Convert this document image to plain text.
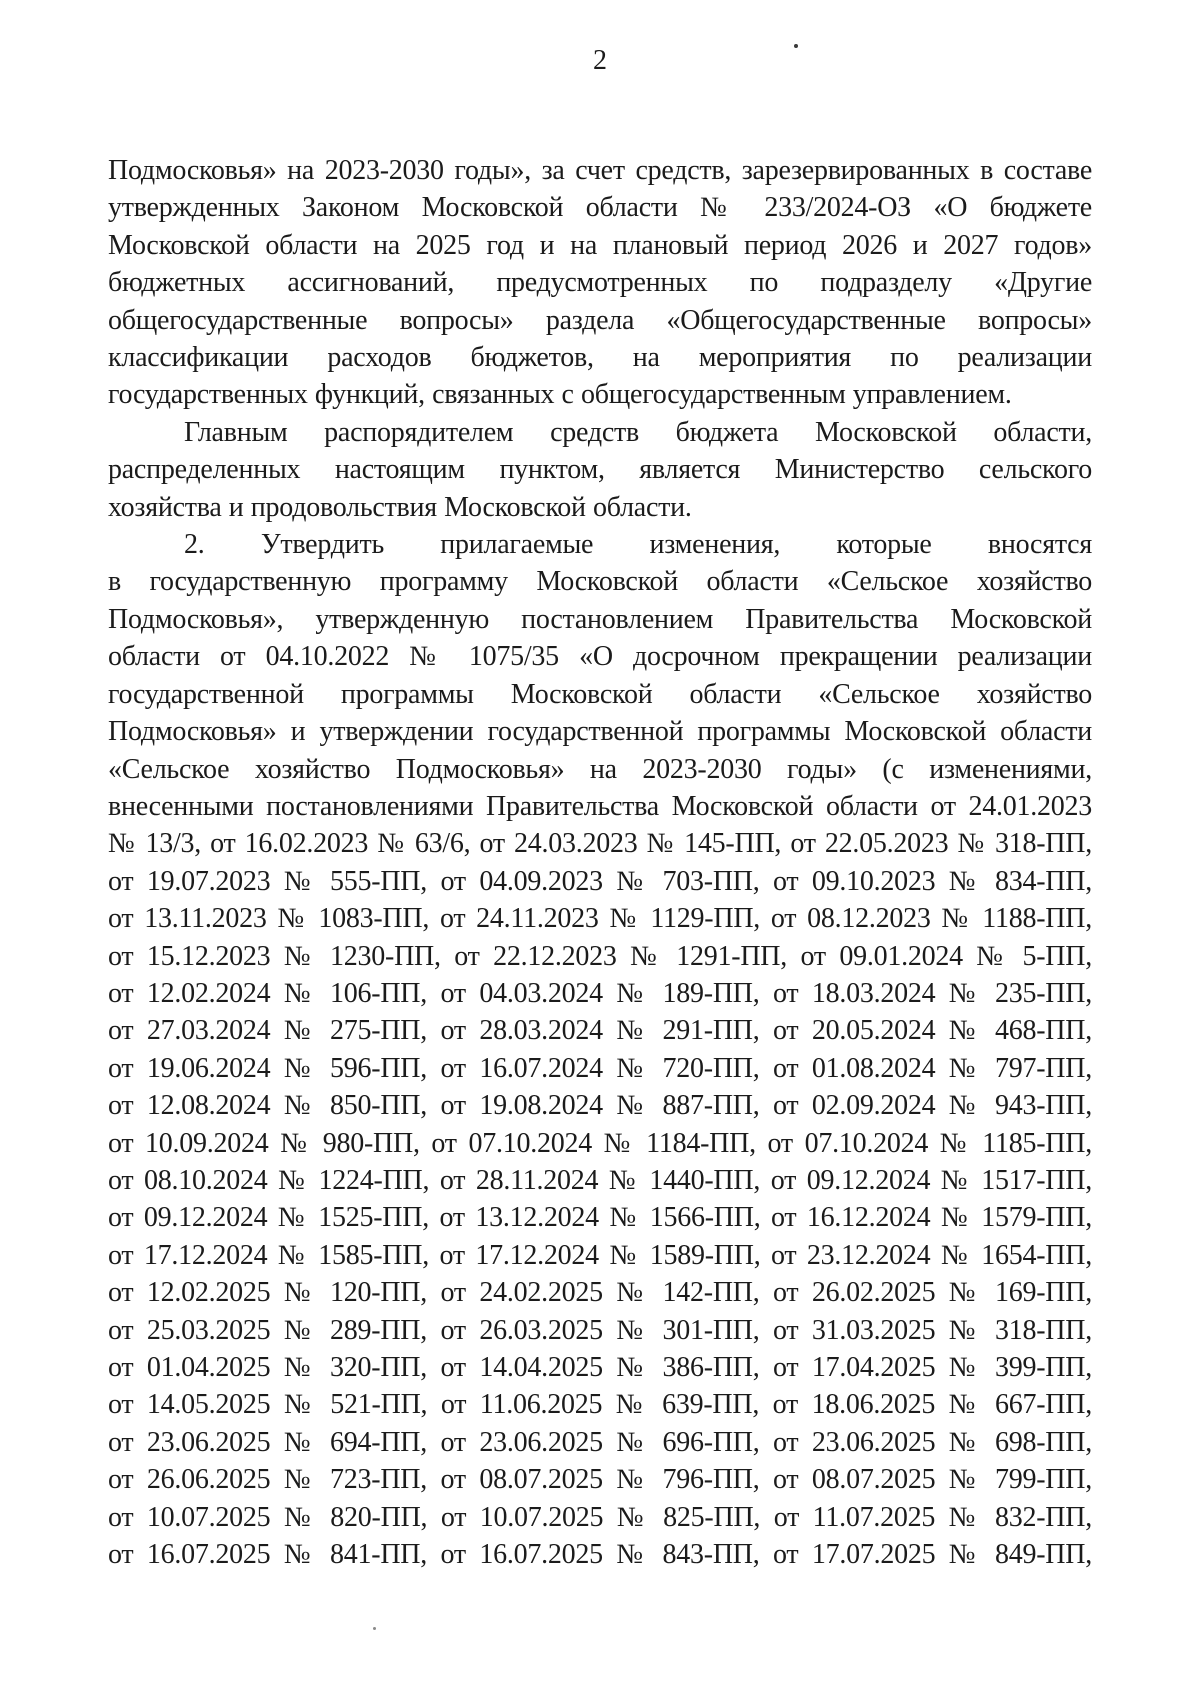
2
Подмосковья» на 2023-2030 годы», за счет средств, зарезервированных в составе
утвержденных Законом Московской области № 233/2024-ОЗ «О бюджете
Московской области на 2025 год и на плановый период 2026 и 2027 годов»
бюджетных ассигнований, предусмотренных по подразделу «Другие
общегосударственные вопросы» раздела «Общегосударственные вопросы»
классификации расходов бюджетов, на мероприятия по реализации
государственных функций, связанных с общегосударственным управлением.
Главным распорядителем средств бюджета Московской области,
распределенных настоящим пунктом, является Министерство сельского
хозяйства и продовольствия Московской области.
2. Утвердить прилагаемые изменения, которые вносятся
в государственную программу Московской области «Сельское хозяйство
Подмосковья», утвержденную постановлением Правительства Московской
области от 04.10.2022 № 1075/35 «О досрочном прекращении реализации
государственной программы Московской области «Сельское хозяйство
Подмосковья» и утверждении государственной программы Московской области
«Сельское хозяйство Подмосковья» на 2023-2030 годы» (с изменениями,
внесенными постановлениями Правительства Московской области от 24.01.2023
№ 13/3, от 16.02.2023 № 63/6, от 24.03.2023 № 145-ПП, от 22.05.2023 № 318-ПП,
от 19.07.2023 № 555-ПП, от 04.09.2023 № 703-ПП, от 09.10.2023 № 834-ПП,
от 13.11.2023 № 1083-ПП, от 24.11.2023 № 1129-ПП, от 08.12.2023 № 1188-ПП,
от 15.12.2023 № 1230-ПП, от 22.12.2023 № 1291-ПП, от 09.01.2024 № 5-ПП,
от 12.02.2024 № 106-ПП, от 04.03.2024 № 189-ПП, от 18.03.2024 № 235-ПП,
от 27.03.2024 № 275-ПП, от 28.03.2024 № 291-ПП, от 20.05.2024 № 468-ПП,
от 19.06.2024 № 596-ПП, от 16.07.2024 № 720-ПП, от 01.08.2024 № 797-ПП,
от 12.08.2024 № 850-ПП, от 19.08.2024 № 887-ПП, от 02.09.2024 № 943-ПП,
от 10.09.2024 № 980-ПП, от 07.10.2024 № 1184-ПП, от 07.10.2024 № 1185-ПП,
от 08.10.2024 № 1224-ПП, от 28.11.2024 № 1440-ПП, от 09.12.2024 № 1517-ПП,
от 09.12.2024 № 1525-ПП, от 13.12.2024 № 1566-ПП, от 16.12.2024 № 1579-ПП,
от 17.12.2024 № 1585-ПП, от 17.12.2024 № 1589-ПП, от 23.12.2024 № 1654-ПП,
от 12.02.2025 № 120-ПП, от 24.02.2025 № 142-ПП, от 26.02.2025 № 169-ПП,
от 25.03.2025 № 289-ПП, от 26.03.2025 № 301-ПП, от 31.03.2025 № 318-ПП,
от 01.04.2025 № 320-ПП, от 14.04.2025 № 386-ПП, от 17.04.2025 № 399-ПП,
от 14.05.2025 № 521-ПП, от 11.06.2025 № 639-ПП, от 18.06.2025 № 667-ПП,
от 23.06.2025 № 694-ПП, от 23.06.2025 № 696-ПП, от 23.06.2025 № 698-ПП,
от 26.06.2025 № 723-ПП, от 08.07.2025 № 796-ПП, от 08.07.2025 № 799-ПП,
от 10.07.2025 № 820-ПП, от 10.07.2025 № 825-ПП, от 11.07.2025 № 832-ПП,
от 16.07.2025 № 841-ПП, от 16.07.2025 № 843-ПП, от 17.07.2025 № 849-ПП,
